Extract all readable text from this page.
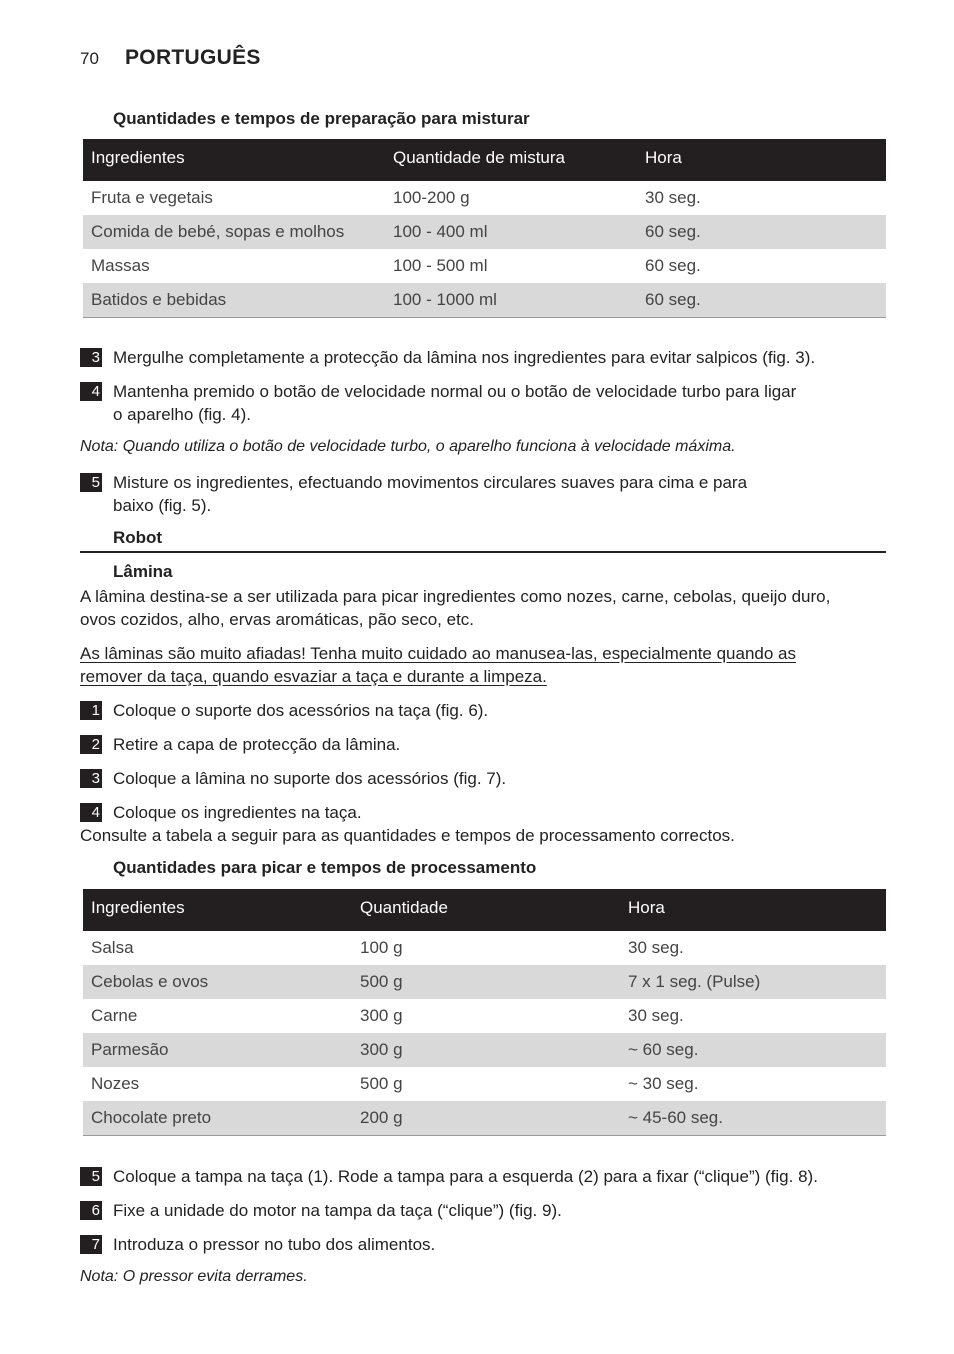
70 PORTUGUÊS
Quantidades e tempos de preparação para misturar
Ingredientes	Quantidade de mistura	Hora
Fruta e vegetais	100-200 g	30 seg.
Comida de bebé, sopas e molhos	100 - 400 ml	60 seg.
Massas	100 - 500 ml	60 seg.
Batidos e bebidas	100 - 1000 ml	60 seg.
3 Mergulhe completamente a protecção da lâmina nos ingredientes para evitar salpicos (fig. 3).
4 Mantenha premido o botão de velocidade normal ou o botão de velocidade turbo para ligar
o aparelho (fig. 4).
Nota: Quando utiliza o botão de velocidade turbo, o aparelho funciona à velocidade máxima.
5 Misture os ingredientes, efectuando movimentos circulares suaves para cima e para
baixo (fig. 5).
Robot
Lâmina
A lâmina destina-se a ser utilizada para picar ingredientes como nozes, carne, cebolas, queijo duro,
ovos cozidos, alho, ervas aromáticas, pão seco, etc.
As lâminas são muito afiadas! Tenha muito cuidado ao manusea-las, especialmente quando as
remover da taça, quando esvaziar a taça e durante a limpeza.
1 Coloque o suporte dos acessórios na taça (fig. 6).
2 Retire a capa de protecção da lâmina.
3 Coloque a lâmina no suporte dos acessórios (fig. 7).
4 Coloque os ingredientes na taça.
Consulte a tabela a seguir para as quantidades e tempos de processamento correctos.
Quantidades para picar e tempos de processamento
Ingredientes	Quantidade	Hora
Salsa	100 g	30 seg.
Cebolas e ovos	500 g	7 x 1 seg. (Pulse)
Carne	300 g	30 seg.
Parmesão	300 g	~ 60 seg.
Nozes	500 g	~ 30 seg.
Chocolate preto	200 g	~ 45-60 seg.
5 Coloque a tampa na taça (1). Rode a tampa para a esquerda (2) para a fixar (“clique”) (fig. 8).
6 Fixe a unidade do motor na tampa da taça (“clique”) (fig. 9).
7 Introduza o pressor no tubo dos alimentos.
Nota: O pressor evita derrames.
